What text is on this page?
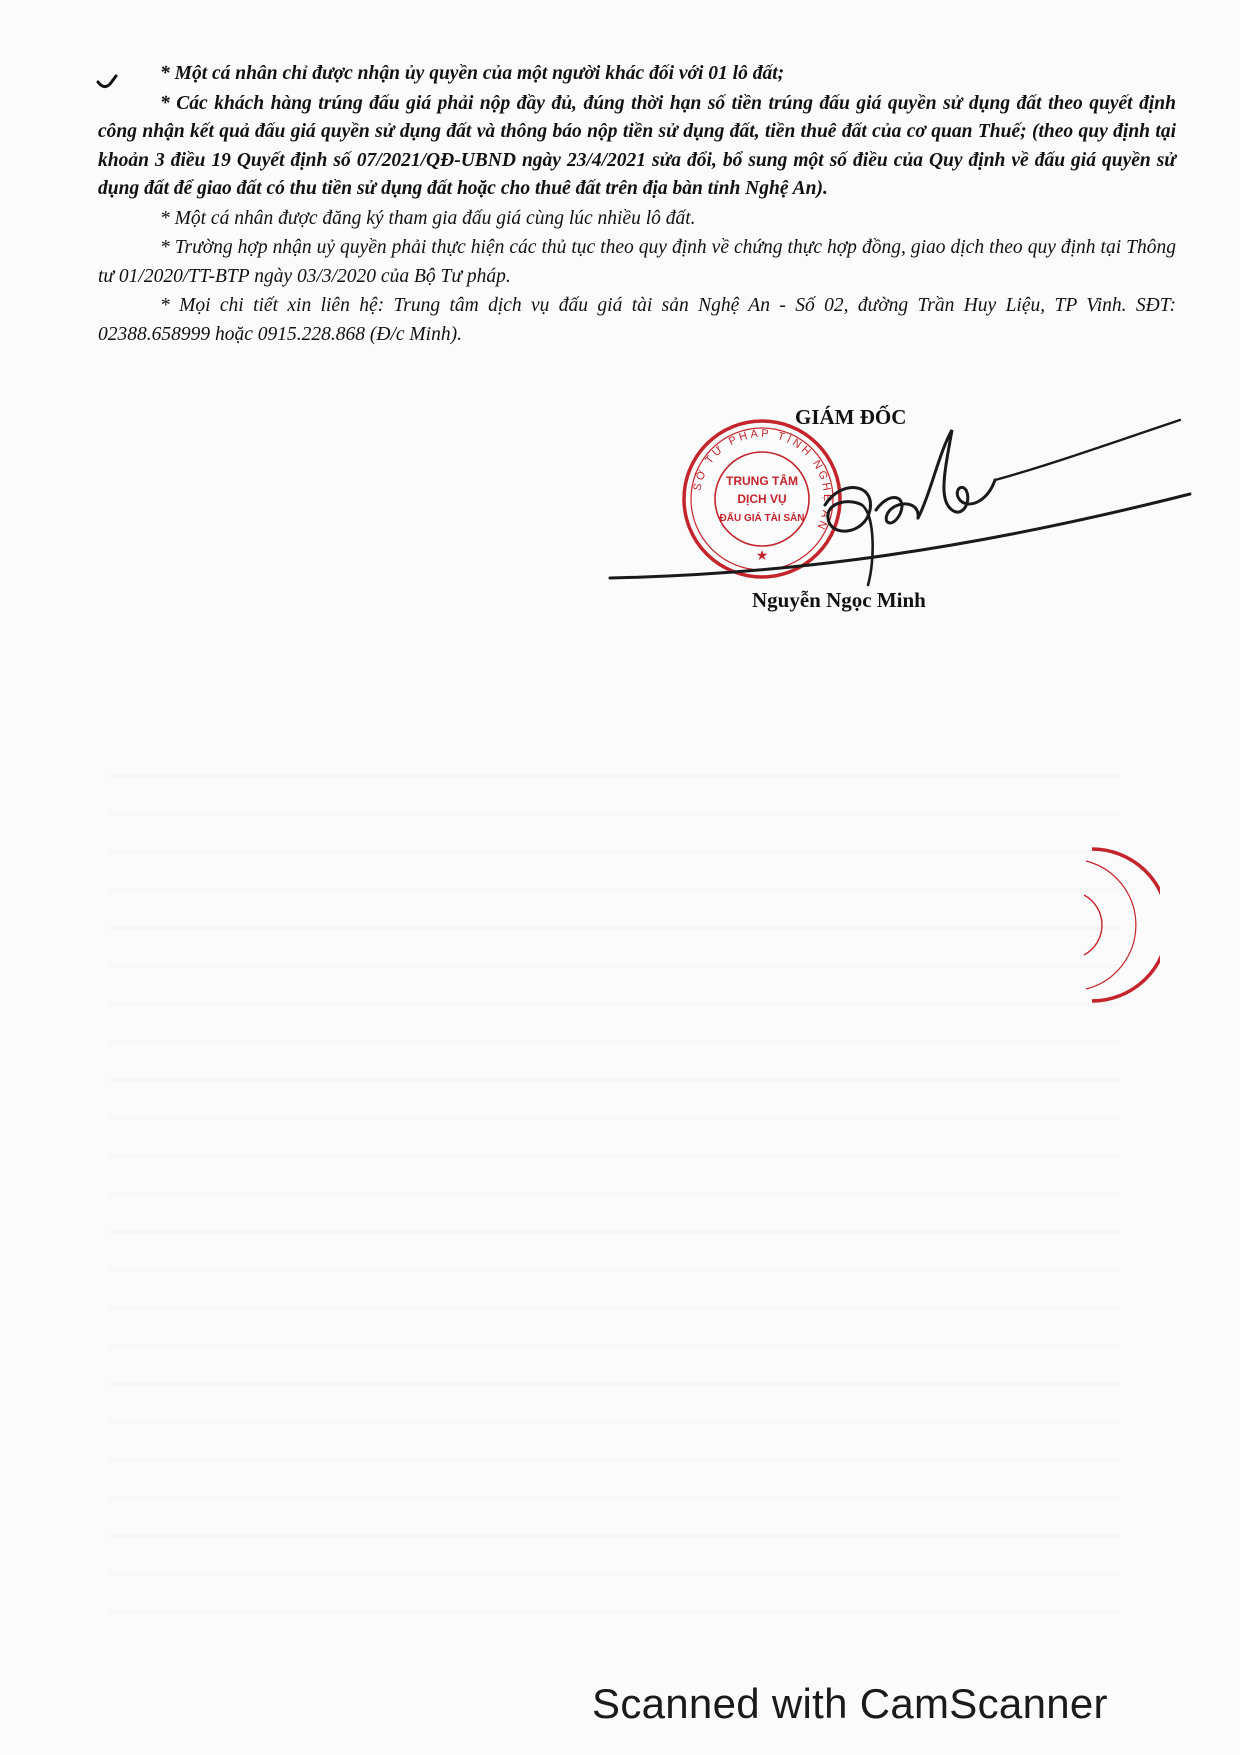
* Một cá nhân chỉ được nhận ủy quyền của một người khác đối với 01 lô đất;

* Các khách hàng trúng đấu giá phải nộp đầy đủ, đúng thời hạn số tiền trúng đấu giá quyền sử dụng đất theo quyết định công nhận kết quả đấu giá quyền sử dụng đất và thông báo nộp tiền sử dụng đất, tiền thuê đất của cơ quan Thuế; (theo quy định tại khoản 3 điều 19 Quyết định số 07/2021/QĐ-UBND ngày 23/4/2021 sửa đổi, bổ sung một số điều của Quy định về đấu giá quyền sử dụng đất để giao đất có thu tiền sử dụng đất hoặc cho thuê đất trên địa bàn tỉnh Nghệ An).

* Một cá nhân được đăng ký tham gia đấu giá cùng lúc nhiều lô đất.

* Trường hợp nhận uỷ quyền phải thực hiện các thủ tục theo quy định về chứng thực hợp đồng, giao dịch theo quy định tại Thông tư 01/2020/TT-BTP ngày 03/3/2020 của Bộ Tư pháp.

* Mọi chi tiết xin liên hệ: Trung tâm dịch vụ đấu giá tài sản Nghệ An - Số 02, đường Trần Huy Liệu, TP Vinh. SĐT: 02388.658999 hoặc 0915.228.868 (Đ/c Minh).

SỞ TƯ PHÁP TỈNH NGHỆ AN
TRUNG TÂM
DỊCH VỤ
ĐẤU GIÁ TÀI SẢN
★
GIÁM ĐỐC
Nguyễn Ngọc Minh
Scanned with CamScanner
